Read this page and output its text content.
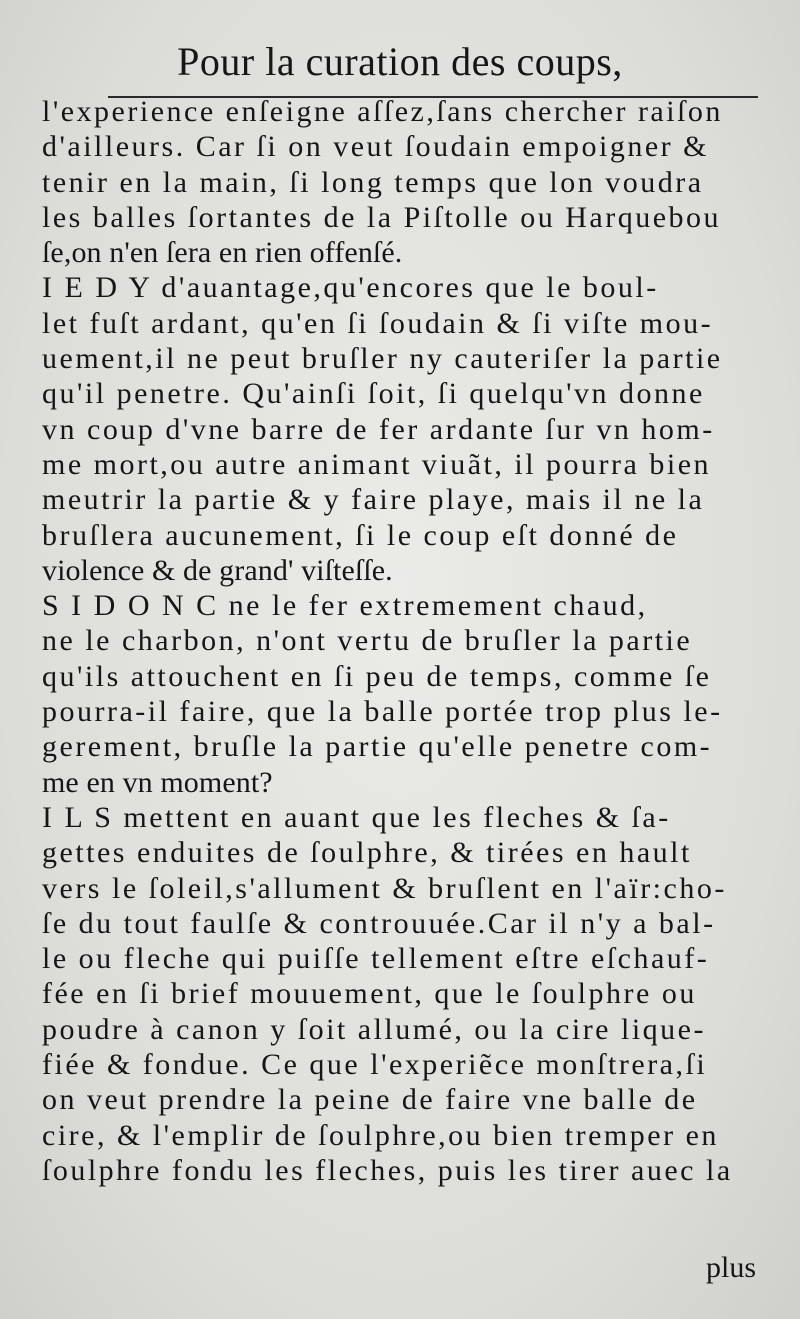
Pour la curation des coups,
l'experience enſeigne aſſez,ſans chercher raiſon
d'ailleurs. Car ſi on veut ſoudain empoigner &
tenir en la main, ſi long temps que lon voudra
les balles ſortantes de la Piſtolle ou Harquebou
ſe,on n'en ſera en rien offenſé.
I E D Y d'auantage,qu'encores que le boul-
let fuſt ardant, qu'en ſi ſoudain & ſi viſte mou-
uement,il ne peut bruſler ny cauteriſer la partie
qu'il penetre. Qu'ainſi ſoit, ſi quelqu'vn donne
vn coup d'vne barre de fer ardante ſur vn hom-
me mort,ou autre animant viuãt, il pourra bien
meutrir la partie & y faire playe, mais il ne la
bruſlera aucunement, ſi le coup eſt donné de
violence & de grand' viſteſſe.
S I D O N C ne le fer extremement chaud,
ne le charbon, n'ont vertu de bruſler la partie
qu'ils attouchent en ſi peu de temps, comme ſe
pourra-il faire, que la balle portée trop plus le-
gerement, bruſle la partie qu'elle penetre com-
me en vn moment?
I L S mettent en auant que les fleches & ſa-
gettes enduites de ſoulphre, & tirées en hault
vers le ſoleil,s'allument & bruſlent en l'aïr:cho-
ſe du tout faulſe & controuuée.Car il n'y a bal-
le ou fleche qui puiſſe tellement eſtre eſchauf-
fée en ſi brief mouuement, que le ſoulphre ou
poudre à canon y ſoit allumé, ou la cire lique-
fiée & fondue. Ce que l'experiẽce monſtrera,ſi
on veut prendre la peine de faire vne balle de
cire, & l'emplir de ſoulphre,ou bien tremper en
ſoulphre fondu les fleches, puis les tirer auec la
plus
